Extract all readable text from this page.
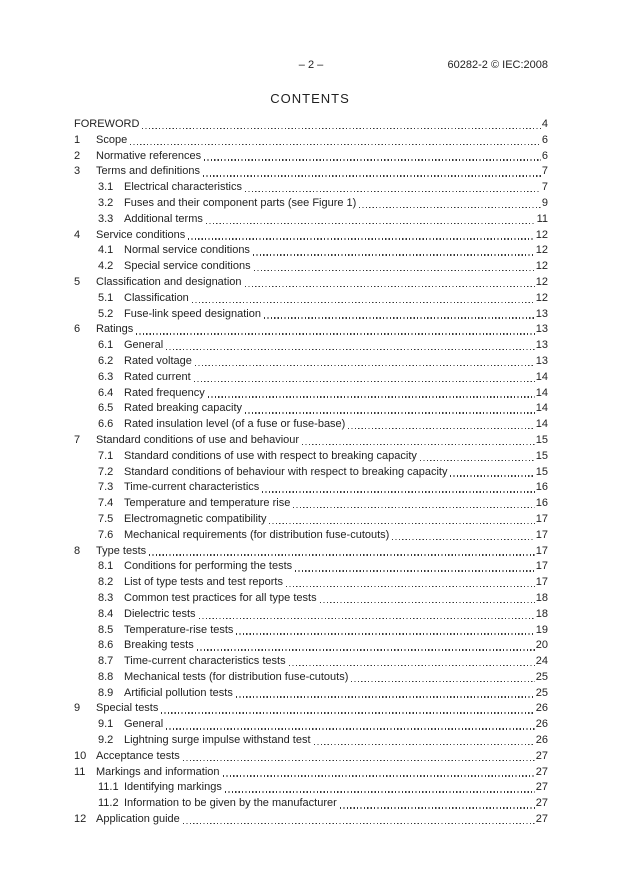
– 2 –	60282-2 © IEC:2008
CONTENTS
FOREWORD	4
1	Scope	6
2	Normative references	6
3	Terms and definitions	7
3.1 Electrical characteristics	7
3.2 Fuses and their component parts (see Figure 1)	9
3.3 Additional terms	11
4	Service conditions	12
4.1 Normal service conditions	12
4.2 Special service conditions	12
5	Classification and designation	12
5.1 Classification	12
5.2 Fuse-link speed designation	13
6	Ratings	13
6.1 General	13
6.2 Rated voltage	13
6.3 Rated current	14
6.4 Rated frequency	14
6.5 Rated breaking capacity	14
6.6 Rated insulation level (of a fuse or fuse-base)	14
7	Standard conditions of use and behaviour	15
7.1 Standard conditions of use with respect to breaking capacity	15
7.2 Standard conditions of behaviour with respect to breaking capacity	15
7.3 Time-current characteristics	16
7.4 Temperature and temperature rise	16
7.5 Electromagnetic compatibility	17
7.6 Mechanical requirements (for distribution fuse-cutouts)	17
8	Type tests	17
8.1 Conditions for performing the tests	17
8.2 List of type tests and test reports	17
8.3 Common test practices for all type tests	18
8.4 Dielectric tests	18
8.5 Temperature-rise tests	19
8.6 Breaking tests	20
8.7 Time-current characteristics tests	24
8.8 Mechanical tests (for distribution fuse-cutouts)	25
8.9 Artificial pollution tests	25
9	Special tests	26
9.1 General	26
9.2 Lightning surge impulse withstand test	26
10 Acceptance tests	27
11 Markings and information	27
11.1 Identifying markings	27
11.2 Information to be given by the manufacturer	27
12 Application guide	27
